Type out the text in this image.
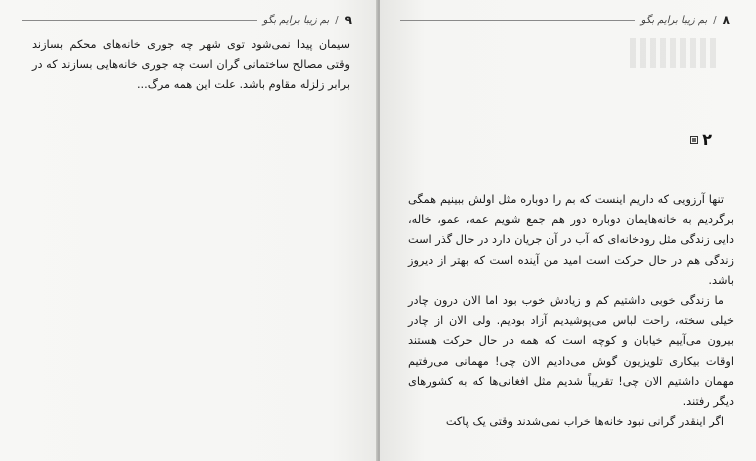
۹
/
بم زیبا برایم بگو

سیمان پیدا نمی‌شود توی شهر چه جوری خانه‌های محکم بسازند وقتی مصالح ساختمانی گران است چه جوری خانه‌هایی بسازند که در برابر زلزله مقاوم باشد. علت این همه مرگ...

۸
/
بم زیبا برایم بگو
۲

تنها آرزویی که داریم اینست که بم را دوباره مثل اولش ببینیم همگی برگردیم به خانه‌هایمان دوباره دور هم جمع شویم عمه، عمو، خاله، دایی زندگی مثل رودخانه‌ای که آب در آن جریان دارد در حال گذر است زندگی هم در حال حرکت است امید من آینده است که بهتر از دیروز باشد.

ما زندگی خوبی داشتیم کم و زیادش خوب بود اما الان درون چادر خیلی سخته، راحت لباس می‌پوشیدیم آزاد بودیم. ولی الان از چادر بیرون می‌آییم خیابان و کوچه است که همه در حال حرکت هستند اوقات بیکاری تلویزیون گوش می‌دادیم الان چی! مهمانی می‌رفتیم مهمان داشتیم الان چی! تقریباً شدیم مثل افغانی‌ها که به کشورهای دیگر رفتند.

اگر اینقدر گرانی نبود خانه‌ها خراب نمی‌شدند وقتی یک پاکت
